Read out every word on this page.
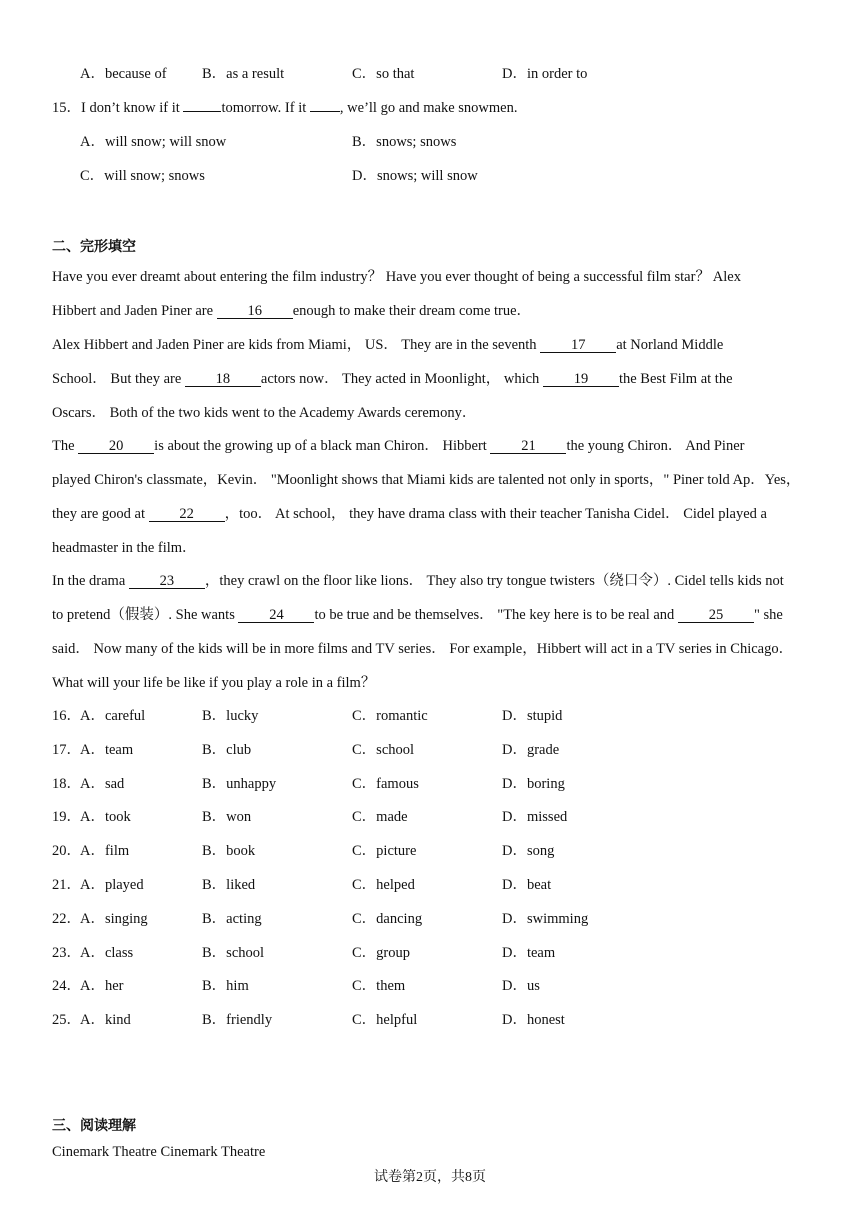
A．because of B．as a result	C．so that	D．in order to
15．I don’t know if it	tomorrow. If it , we’ll go and make snowmen.
A．will snow; will snow	B．snows; snows
C．will snow; snows	D．snows; will snow
二、完形填空
Have you ever dreamt about entering the film industry？ Have you ever thought of being a successful film star？ Alex
Hibbert and Jaden Piner are 16 enough to make their dream come true．
Alex Hibbert and Jaden Piner are kids from Miami， US． They are in the seventh 17 at Norland Middle
School． But they are 18 actors now． They acted in Moonlight， which 19 the Best Film at the
Oscars． Both of the two kids went to the Academy Awards ceremony．
The 20 is about the growing up of a black man Chiron． Hibbert 21 the young Chiron． And Piner
played Chiron's classmate，Kevin． "Moonlight shows that Miami kids are talented not only in sports，" Piner told Ap．Yes，
they are good at 22 ，too． At school， they have drama class with their teacher Tanisha Cidel． Cidel played a
headmaster in the film．
In the drama 23 ，they crawl on the floor like lions． They also try tongue twisters（绕口令）. Cidel tells kids not
to pretend（假装）. She wants 24 to be true and be themselves． "The key here is to be real and 25 " she
said． Now many of the kids will be in more films and TV series． For example，Hibbert will act in a TV series in Chicago．
What will your life be like if you play a role in a film？
16． A．careful	B．lucky	C．romantic	D．stupid
17． A．team	B．club	C．school	D．grade
18． A．sad	B．unhappy	C．famous	D．boring
19． A．took	B．won	C．made	D．missed
20． A．film	B．book	C．picture	D．song
21． A．played	B．liked	C．helped	D．beat
22． A．singing	B．acting	C．dancing	D．swimming
23． A．class	B．school	C．group	D．team
24． A．her	B．him	C．them	D．us
25． A．kind	B．friendly	C．helpful	D．honest
三、阅读理解
Cinemark Theatre Cinemark Theatre
试卷第2页，共8页
